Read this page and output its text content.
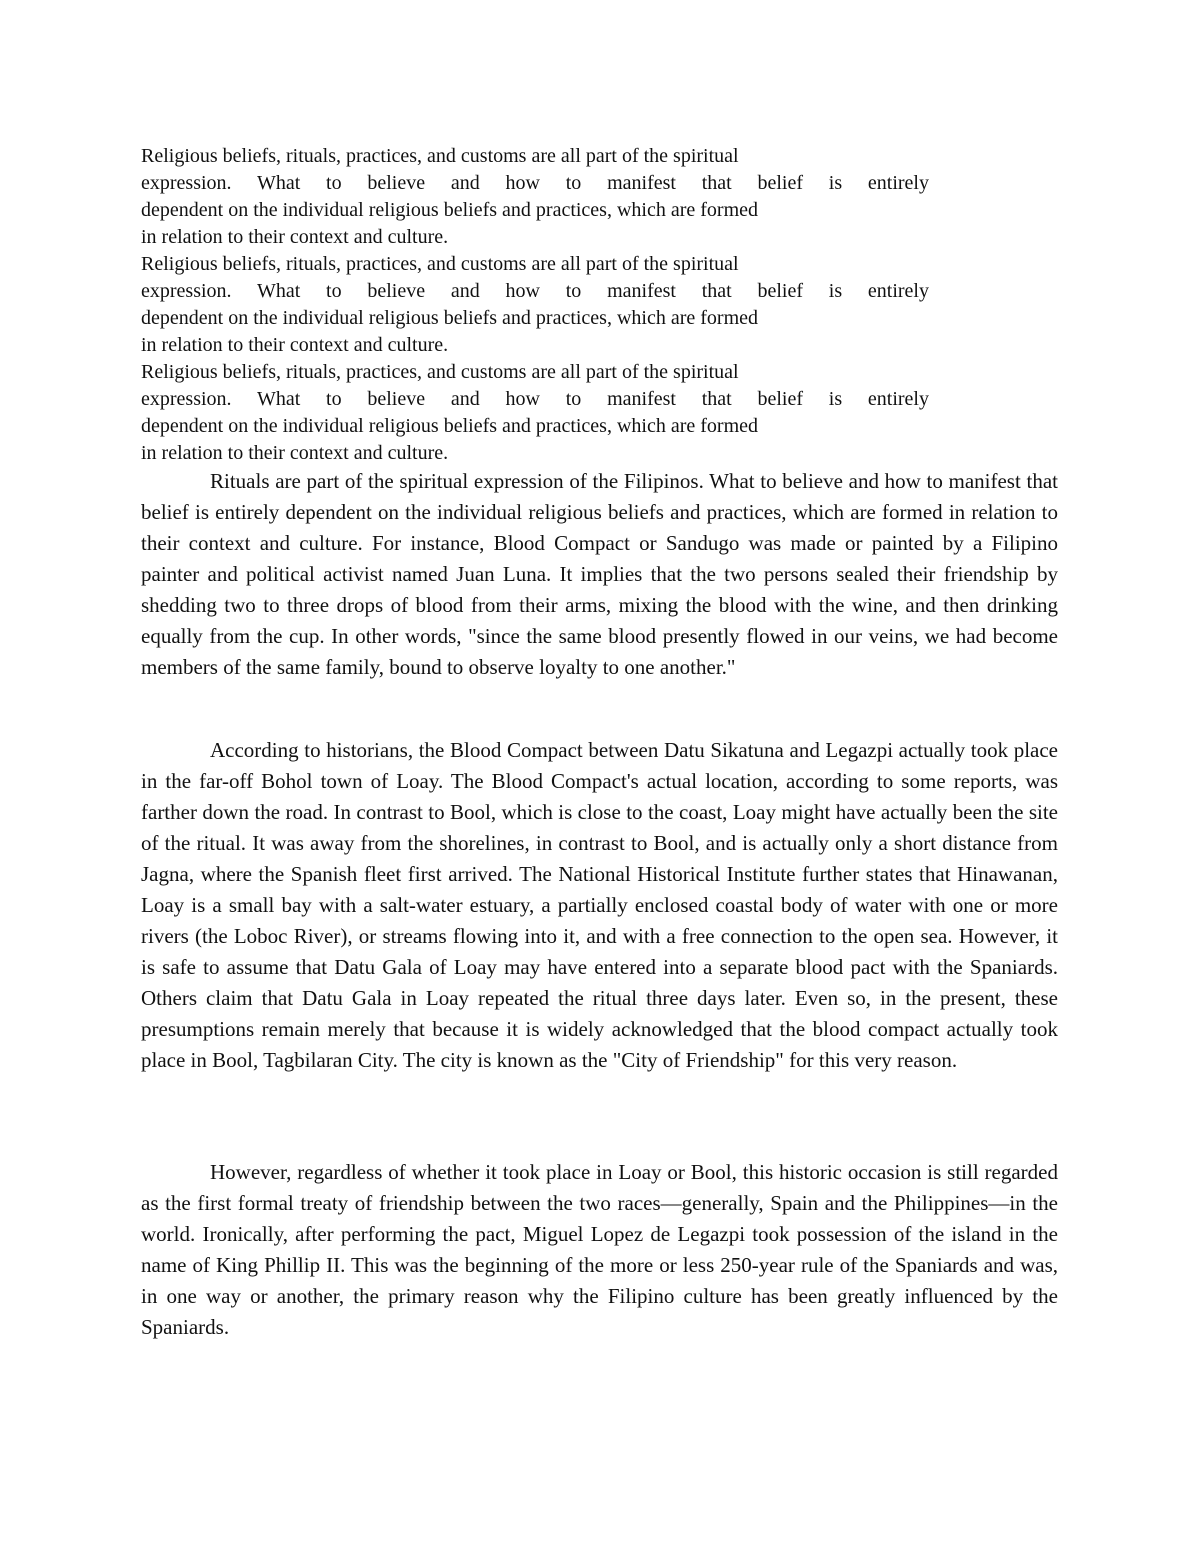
Religious beliefs, rituals, practices, and customs are all part of the spiritual
expression. What to believe and how to manifest that belief is entirely
dependent on the individual religious beliefs and practices, which are formed
in relation to their context and culture.
Religious beliefs, rituals, practices, and customs are all part of the spiritual
expression. What to believe and how to manifest that belief is entirely
dependent on the individual religious beliefs and practices, which are formed
in relation to their context and culture.
Religious beliefs, rituals, practices, and customs are all part of the spiritual
expression. What to believe and how to manifest that belief is entirely
dependent on the individual religious beliefs and practices, which are formed
in relation to their context and culture.

Rituals are part of the spiritual expression of the Filipinos. What to believe and how to manifest that belief is entirely dependent on the individual religious beliefs and practices, which are formed in relation to their context and culture. For instance, Blood Compact or Sandugo was made or painted by a Filipino painter and political activist named Juan Luna. It implies that the two persons sealed their friendship by shedding two to three drops of blood from their arms, mixing the blood with the wine, and then drinking equally from the cup. In other words, "since the same blood presently flowed in our veins, we had become members of the same family, bound to observe loyalty to one another."

According to historians, the Blood Compact between Datu Sikatuna and Legazpi actually took place in the far-off Bohol town of Loay. The Blood Compact's actual location, according to some reports, was farther down the road. In contrast to Bool, which is close to the coast, Loay might have actually been the site of the ritual. It was away from the shorelines, in contrast to Bool, and is actually only a short distance from Jagna, where the Spanish fleet first arrived. The National Historical Institute further states that Hinawanan, Loay is a small bay with a salt-water estuary, a partially enclosed coastal body of water with one or more rivers (the Loboc River), or streams flowing into it, and with a free connection to the open sea. However, it is safe to assume that Datu Gala of Loay may have entered into a separate blood pact with the Spaniards. Others claim that Datu Gala in Loay repeated the ritual three days later. Even so, in the present, these presumptions remain merely that because it is widely acknowledged that the blood compact actually took place in Bool, Tagbilaran City. The city is known as the "City of Friendship" for this very reason.

However, regardless of whether it took place in Loay or Bool, this historic occasion is still regarded as the first formal treaty of friendship between the two races—generally, Spain and the Philippines—in the world. Ironically, after performing the pact, Miguel Lopez de Legazpi took possession of the island in the name of King Phillip II. This was the beginning of the more or less 250-year rule of the Spaniards and was, in one way or another, the primary reason why the Filipino culture has been greatly influenced by the Spaniards.
